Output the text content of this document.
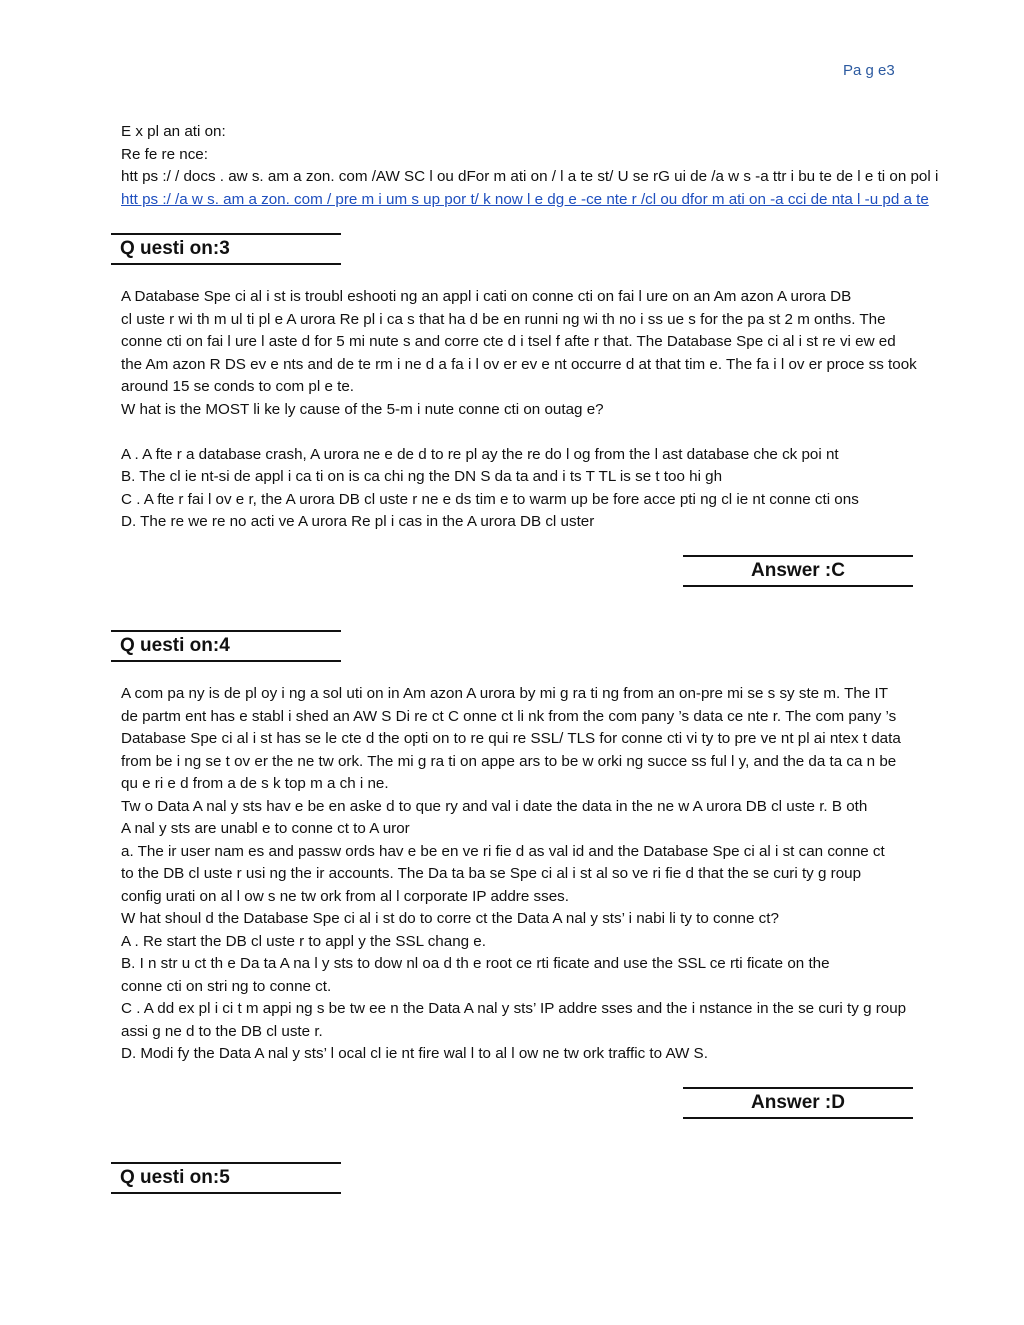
Pa g e3
E x pl an ati on:
Re fe re nce:
htt ps :/ / docs . aw s. am a zon. com /AW SC l ou dFor m ati on / l a te st/ U se rG ui de /a w s -a ttr i bu te de l e ti on pol i
htt ps :/ /a w s. am a zon. com / pre m i um s up por t/ k now l e dg e -ce nte r /cl ou dfor m ati on -a cci de nta l -u pd a te
Q uesti on:3
A Database Spe ci al i st is troubl eshooti ng an appl i cati on conne cti on fai l ure on an Am azon A urora DB
cl uste r wi th m ul ti pl e A urora Re pl i ca s that ha d be en runni ng wi th no i ss ue s for the pa st 2 m onths. The
conne cti on fai l ure l aste d for 5 mi nute s and corre cte d i tsel f afte r that. The Database Spe ci al i st re vi ew ed
the Am azon R DS ev e nts and de te rm i ne d a fa i l ov er ev e nt occurre d at that tim e. The fa i l ov er proce ss took
around 15 se conds to com pl e te.
W hat is the MOST li ke ly cause of the 5-m i nute conne cti on outag e?
A . A fte r a database crash, A urora ne e de d to re pl ay the re do l og from the l ast database che ck poi nt
B. The cl ie nt-si de appl i ca ti on is ca chi ng the DN S da ta and i ts T TL is se t too hi gh
C . A fte r fai l ov e r, the A urora DB cl uste r ne e ds tim e to warm up be fore acce pti ng cl ie nt conne cti ons
D. The re we re no acti ve A urora Re pl i cas in the A urora DB cl uster
Answer :C
Q uesti on:4
A com pa ny is de pl oy i ng a sol uti on in Am azon A urora by mi g ra ti ng from an on-pre mi se s sy ste m. The IT
de partm ent has e stabl i shed an AW S Di re ct C onne ct li nk from the com pany ’s data ce nte r. The com pany ’s
Database Spe ci al i st has se le cte d the opti on to re qui re SSL/ TLS for conne cti vi ty to pre ve nt pl ai ntex t data
from be i ng se t ov er the ne tw ork. The mi g ra ti on appe ars to be w orki ng succe ss ful l y, and the da ta ca n be
qu e ri e d from a de s k top m a ch i ne.
Tw o Data A nal y sts hav e be en aske d to que ry and val i date the data in the ne w A urora DB cl uste r. B oth
A nal y sts are unabl e to conne ct to A uror
a. The ir user nam es and passw ords hav e be en ve ri fie d as val id and the Database Spe ci al i st can conne ct
to the DB cl uste r usi ng the ir accounts. The Da ta ba se Spe ci al i st al so ve ri fie d that the se curi ty g roup
config urati on al l ow s ne tw ork from al l corporate IP addre sses.
W hat shoul d the Database Spe ci al i st do to corre ct the Data A nal y sts’ i nabi li ty to conne ct?
A . Re start the DB cl uste r to appl y the SSL chang e.
B. I n str u ct th e Da ta A na l y sts to dow nl oa d th e root ce rti ficate and use the SSL ce rti ficate on the
conne cti on stri ng to conne ct.
C . A dd ex pl i ci t m appi ng s be tw ee n the Data A nal y sts’ IP addre sses and the i nstance in the se curi ty g roup
assi g ne d to the DB cl uste r.
D. Modi fy the Data A nal y sts’ l ocal cl ie nt fire wal l to al l ow ne tw ork traffic to AW S.
Answer :D
Q uesti on:5
